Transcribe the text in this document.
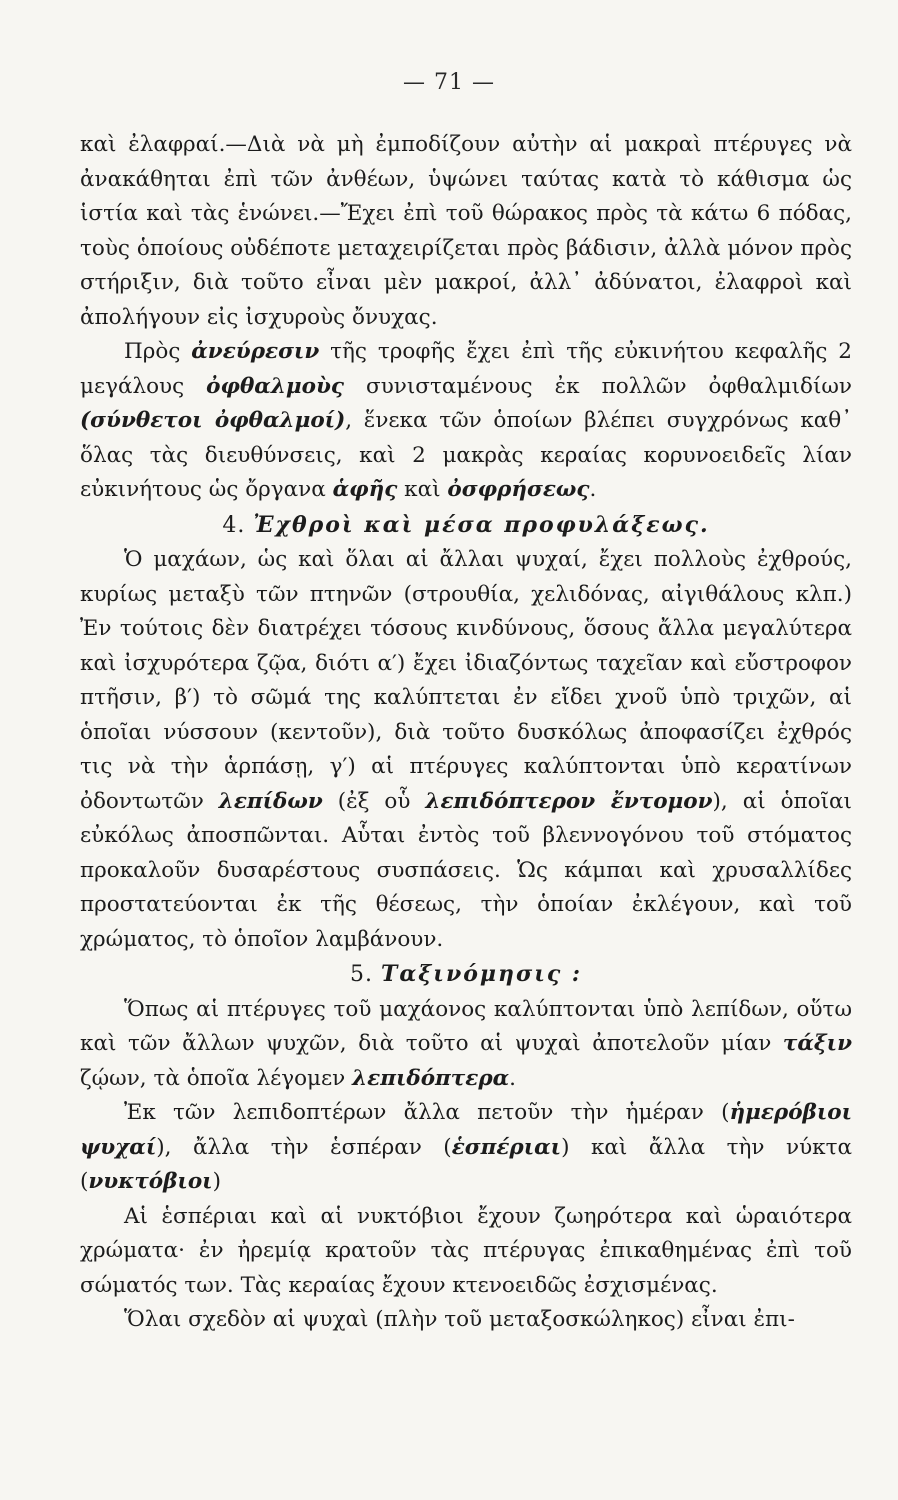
— 71 —

καὶ ἐλαφραί.—Διὰ νὰ μὴ ἐμποδίζουν αὐτὴν αἱ μακραὶ πτέρυγες νὰ ἀνακάθηται ἐπὶ τῶν ἀνθέων, ὑψώνει ταύτας κατὰ τὸ κάθισμα ὡς ἱστία καὶ τὰς ἑνώνει.—Ἔχει ἐπὶ τοῦ θώρακος πρὸς τὰ κάτω 6 πόδας, τοὺς ὁποίους οὐδέποτε μεταχειρίζεται πρὸς βάδισιν, ἀλλὰ μόνον πρὸς στήριξιν, διὰ τοῦτο εἶναι μὲν μακροί, ἀλλ᾽ ἀδύνατοι, ἐλαφροὶ καὶ ἀπολήγουν εἰς ἰσχυροὺς ὄνυχας.

Πρὸς ἀνεύρεσιν τῆς τροφῆς ἔχει ἐπὶ τῆς εὐκινήτου κεφαλῆς 2 μεγάλους ὀφθαλμοὺς συνισταμένους ἐκ πολλῶν ὀφθαλμιδίων (σύνθετοι ὀφθαλμοί), ἕνεκα τῶν ὁποίων βλέπει συγχρόνως καθ᾽ ὅλας τὰς διευθύνσεις, καὶ 2 μακρὰς κεραίας κορυνοειδεῖς λίαν εὐκινήτους ὡς ὄργανα ἁφῆς καὶ ὀσφρήσεως.

4. Ἐχθροὶ καὶ μέσα προφυλάξεως.

Ὁ μαχάων, ὡς καὶ ὅλαι αἱ ἄλλαι ψυχαί, ἔχει πολλοὺς ἐχθρούς, κυρίως μεταξὺ τῶν πτηνῶν (στρουθία, χελιδόνας, αἰγιθάλους κλπ.) Ἐν τούτοις δὲν διατρέχει τόσους κινδύνους, ὅσους ἄλλα μεγαλύτερα καὶ ἰσχυρότερα ζῷα, διότι α′) ἔχει ἰδιαζόντως ταχεῖαν καὶ εὔστροφον πτῆσιν, β′) τὸ σῶμά της καλύπτεται ἐν εἴδει χνοῦ ὑπὸ τριχῶν, αἱ ὁποῖαι νύσσουν (κεντοῦν), διὰ τοῦτο δυσκόλως ἀποφασίζει ἐχθρός τις νὰ τὴν ἁρπάσῃ, γ′) αἱ πτέρυγες καλύπτονται ὑπὸ κερατίνων ὀδοντωτῶν λεπίδων (ἐξ οὗ λεπιδόπτερον ἔντομον), αἱ ὁποῖαι εὐκόλως ἀποσπῶνται. Αὗται ἐντὸς τοῦ βλεννογόνου τοῦ στόματος προκαλοῦν δυσαρέστους συσπάσεις. Ὡς κάμπαι καὶ χρυσαλλίδες προστατεύονται ἐκ τῆς θέσεως, τὴν ὁποίαν ἐκλέγουν, καὶ τοῦ χρώματος, τὸ ὁποῖον λαμβάνουν.

5. Ταξινόμησις :

Ὅπως αἱ πτέρυγες τοῦ μαχάονος καλύπτονται ὑπὸ λεπίδων, οὕτω καὶ τῶν ἄλλων ψυχῶν, διὰ τοῦτο αἱ ψυχαὶ ἀποτελοῦν μίαν τάξιν ζῴων, τὰ ὁποῖα λέγομεν λεπιδόπτερα.

Ἐκ τῶν λεπιδοπτέρων ἄλλα πετοῦν τὴν ἡμέραν (ἡμερόβιοι ψυχαί), ἄλλα τὴν ἑσπέραν (ἑσπέριαι) καὶ ἄλλα τὴν νύκτα (νυκτόβιοι)

Αἱ ἑσπέριαι καὶ αἱ νυκτόβιοι ἔχουν ζωηρότερα καὶ ὡραιότερα χρώματα· ἐν ἠρεμίᾳ κρατοῦν τὰς πτέρυγας ἐπικαθημένας ἐπὶ τοῦ σώματός των. Τὰς κεραίας ἔχουν κτενοειδῶς ἐσχισμένας.

Ὅλαι σχεδὸν αἱ ψυχαὶ (πλὴν τοῦ μεταξοσκώληκος) εἶναι ἐπι-
